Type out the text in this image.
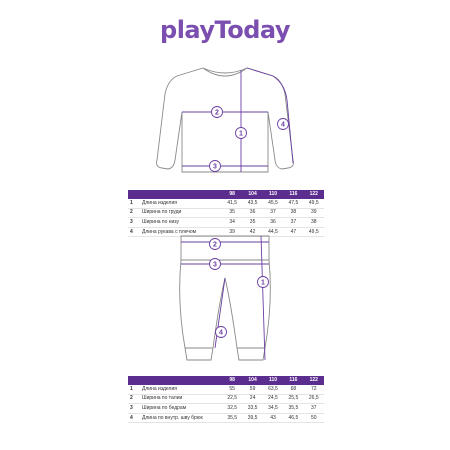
playToday
1
2
3
4
		98	104	110	116	122
1	Длина изделия	41,5	43,5	45,5	47,5	49,5
2	Ширина по груди	35	36	37	38	39
3	Ширина по низу	34	35	36	37	38
4	Длина рукава с плечом	39	42	44,5	47	49,5
1
2
3
4
		98	104	110	116	122
1	Длина изделия	55	59	63,5	68	72
2	Ширина по талии	22,5	24	24,5	25,5	26,5
3	Ширина по бедрам	32,5	33,5	34,5	35,5	37
4	Длина по внутр. шву брюк	35,5	39,5	43	46,5	50
